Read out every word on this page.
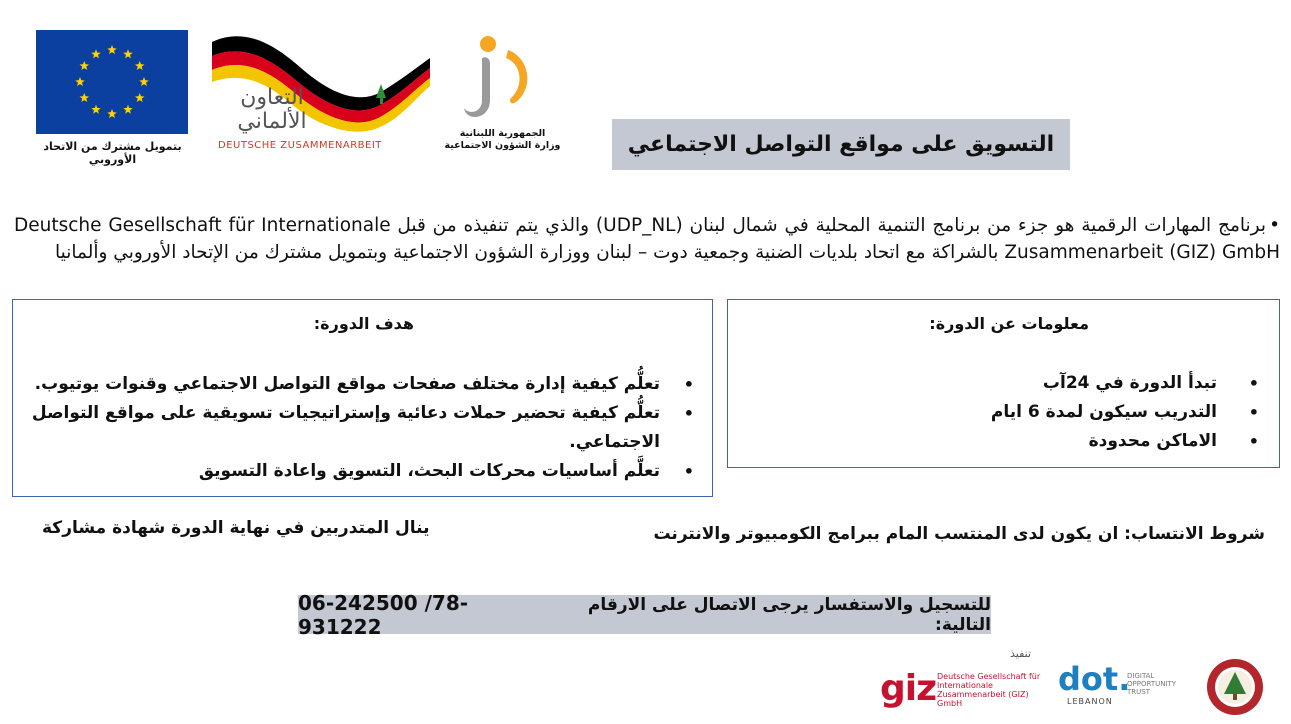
بتمويل مشترك من الاتحاد الأوروبي
التعاون الألماني
DEUTSCHE ZUSAMMENARBEIT
الجمهورية اللبنانية
وزارة الشؤون الاجتماعية	التسويق على مواقع التواصل الاجتماعي
•برنامج المهارات الرقمية هو جزء من برنامج التنمية المحلية في شمال لبنان (UDP_NL) والذي يتم تنفيذه من قبل Deutsche Gesellschaft für Internationale Zusammenarbeit (GIZ) GmbH بالشراكة مع اتحاد بلديات الضنية وجمعية دوت – لبنان ووزارة الشؤون الاجتماعية وبتمويل مشترك من الإتحاد الأوروبي وألمانيا
معلومات عن الدورة:
• تبدأ الدورة في 24آب
• التدريب سيكون لمدة 6 ايام
• الاماكن محدودة
هدف الدورة:
• تعلُّم كيفية إدارة مختلف صفحات مواقع التواصل الاجتماعي وقنوات يوتيوب.
• تعلُّم كيفية تحضير حملات دعائية وإستراتيجيات تسويقية على مواقع التواصل الاجتماعي.
• تعلَّم أساسيات محركات البحث، التسويق واعادة التسويق
شروط الانتساب: ان يكون لدى المنتسب المام ببرامج الكومبيوتر والانترنت
ينال المتدربين في نهاية الدورة شهادة مشاركة
للتسجيل والاستفسار يرجى الاتصال على الارقام التالية:
06-242500 /78-931222
تنفيذ
giz Deutsche Gesellschaft für Internationale Zusammenarbeit (GIZ) GmbH
dot.
LEBANON
DIGITAL OPPORTUNITY TRUST
